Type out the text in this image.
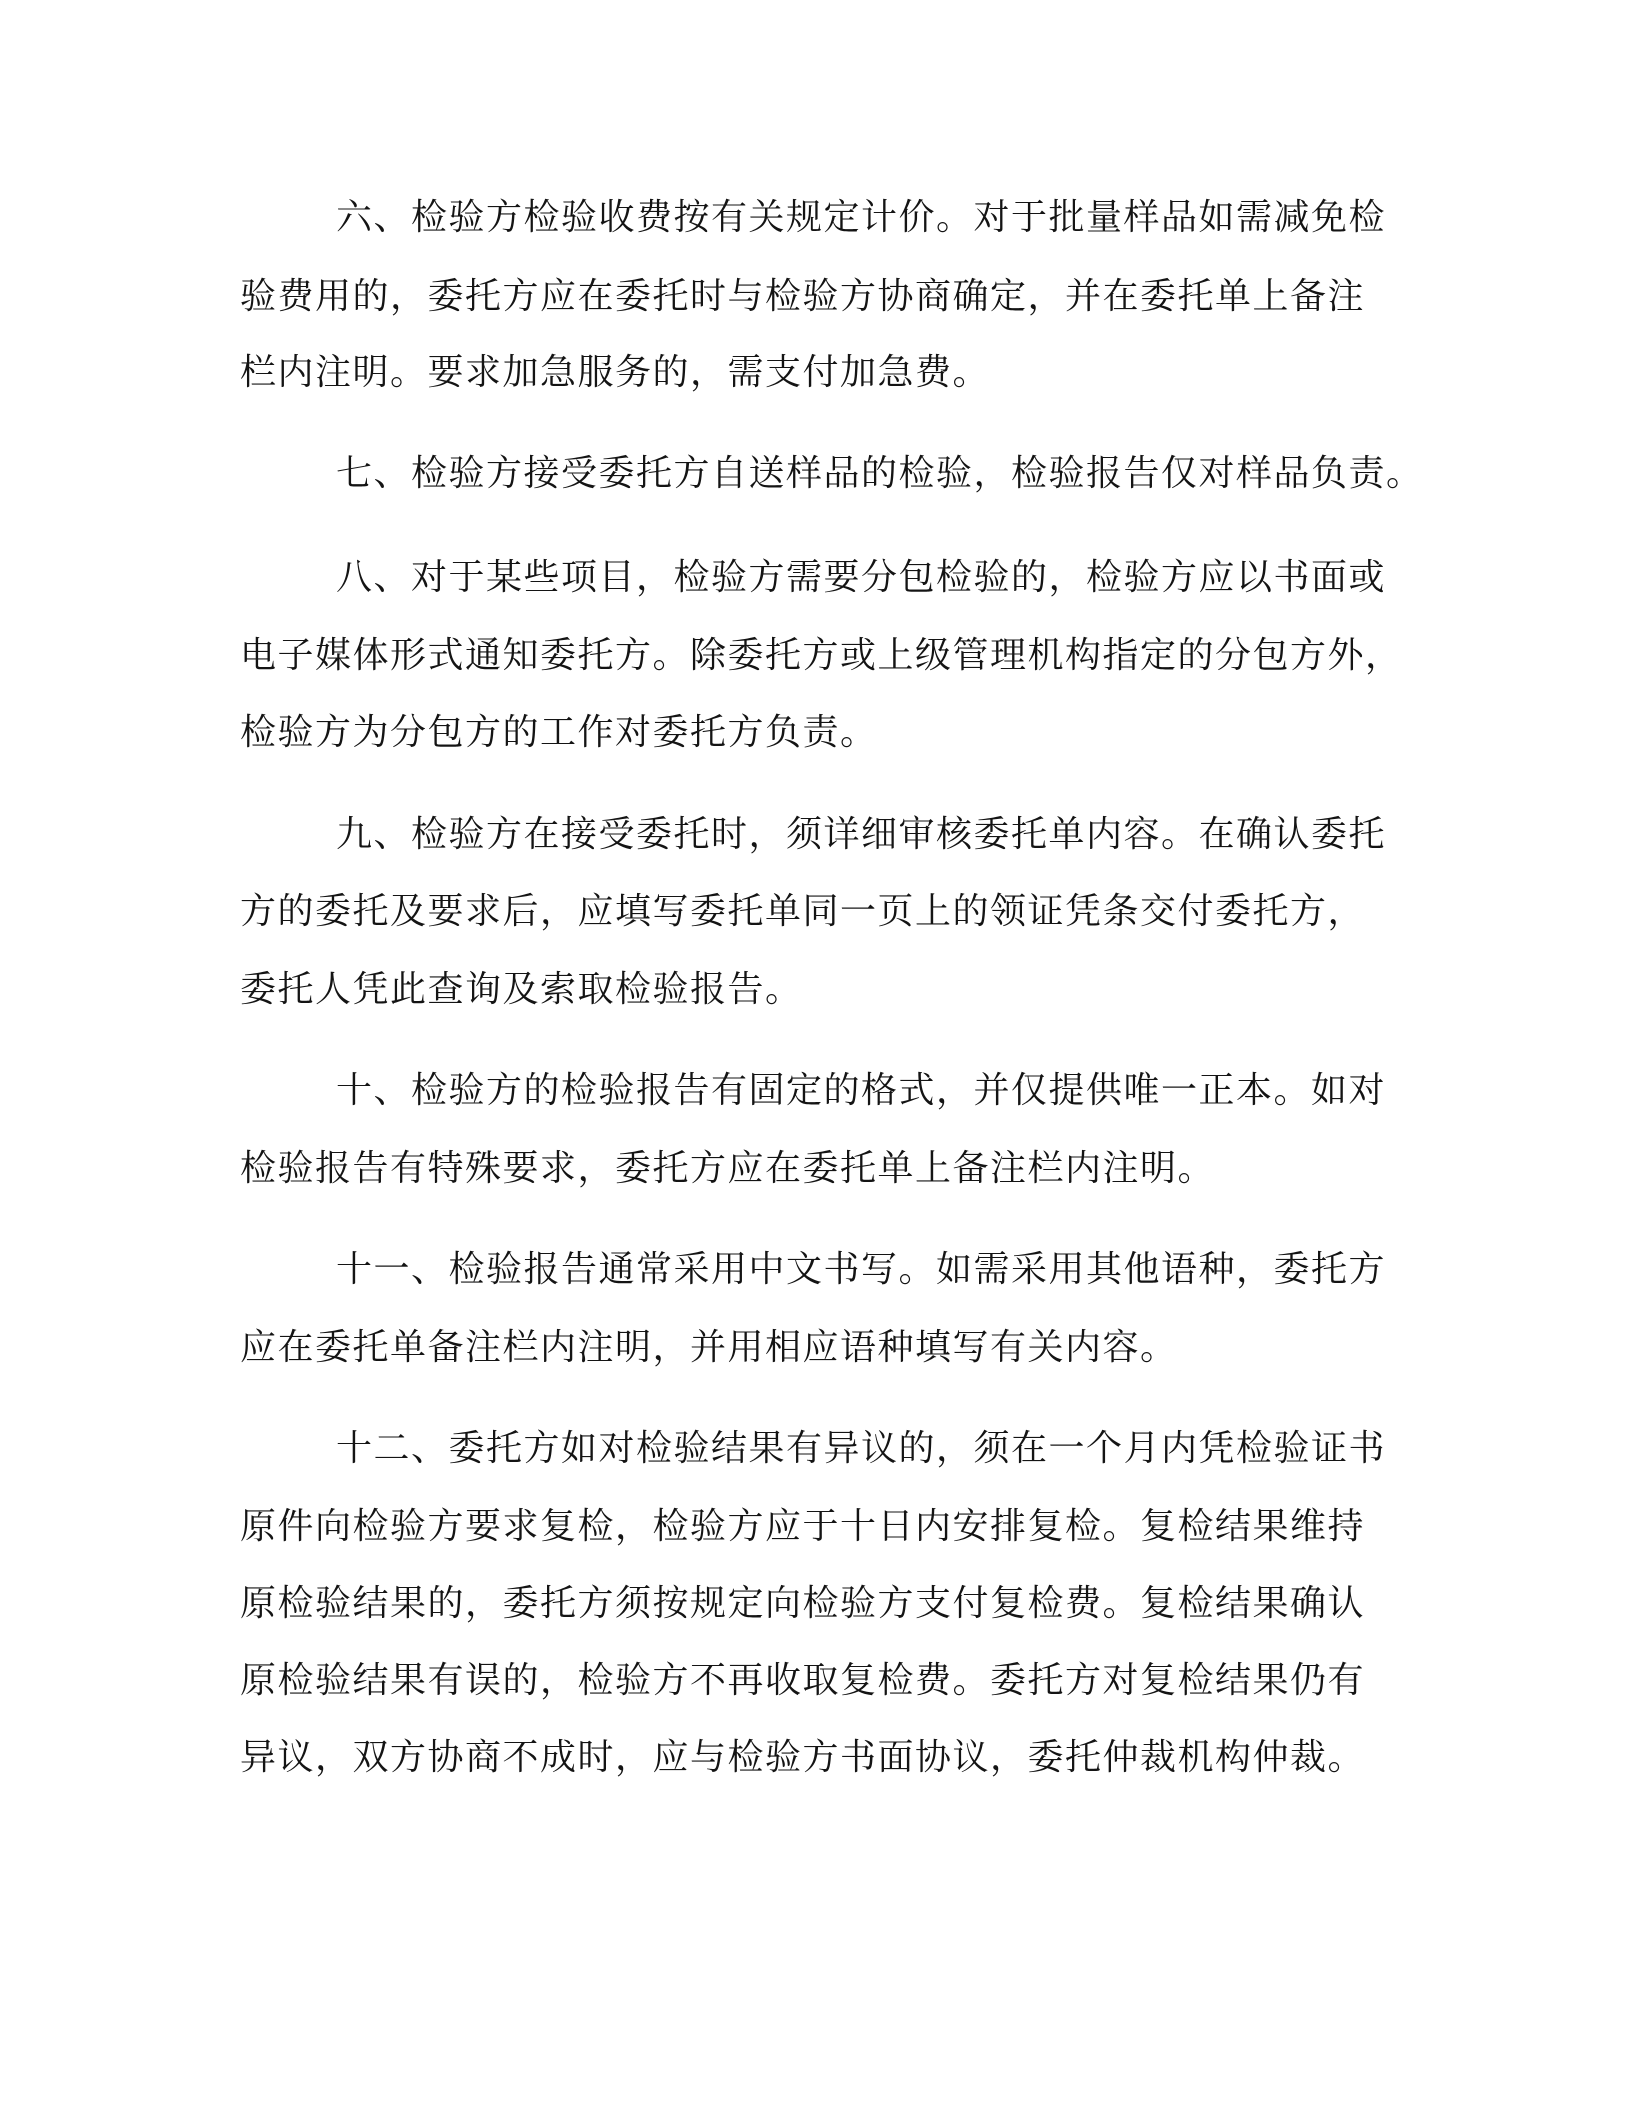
六、检验方检验收费按有关规定计价。对于批量样品如需减免检
验费用的，委托方应在委托时与检验方协商确定，并在委托单上备注
栏内注明。要求加急服务的，需支付加急费。
七、检验方接受委托方自送样品的检验，检验报告仅对样品负责。
八、对于某些项目，检验方需要分包检验的，检验方应以书面或
电子媒体形式通知委托方。除委托方或上级管理机构指定的分包方外，
检验方为分包方的工作对委托方负责。
九、检验方在接受委托时，须详细审核委托单内容。在确认委托
方的委托及要求后，应填写委托单同一页上的领证凭条交付委托方，
委托人凭此查询及索取检验报告。
十、检验方的检验报告有固定的格式，并仅提供唯一正本。如对
检验报告有特殊要求，委托方应在委托单上备注栏内注明。
十一、检验报告通常采用中文书写。如需采用其他语种，委托方
应在委托单备注栏内注明，并用相应语种填写有关内容。
十二、委托方如对检验结果有异议的，须在一个月内凭检验证书
原件向检验方要求复检，检验方应于十日内安排复检。复检结果维持
原检验结果的，委托方须按规定向检验方支付复检费。复检结果确认
原检验结果有误的，检验方不再收取复检费。委托方对复检结果仍有
异议，双方协商不成时，应与检验方书面协议，委托仲裁机构仲裁。
